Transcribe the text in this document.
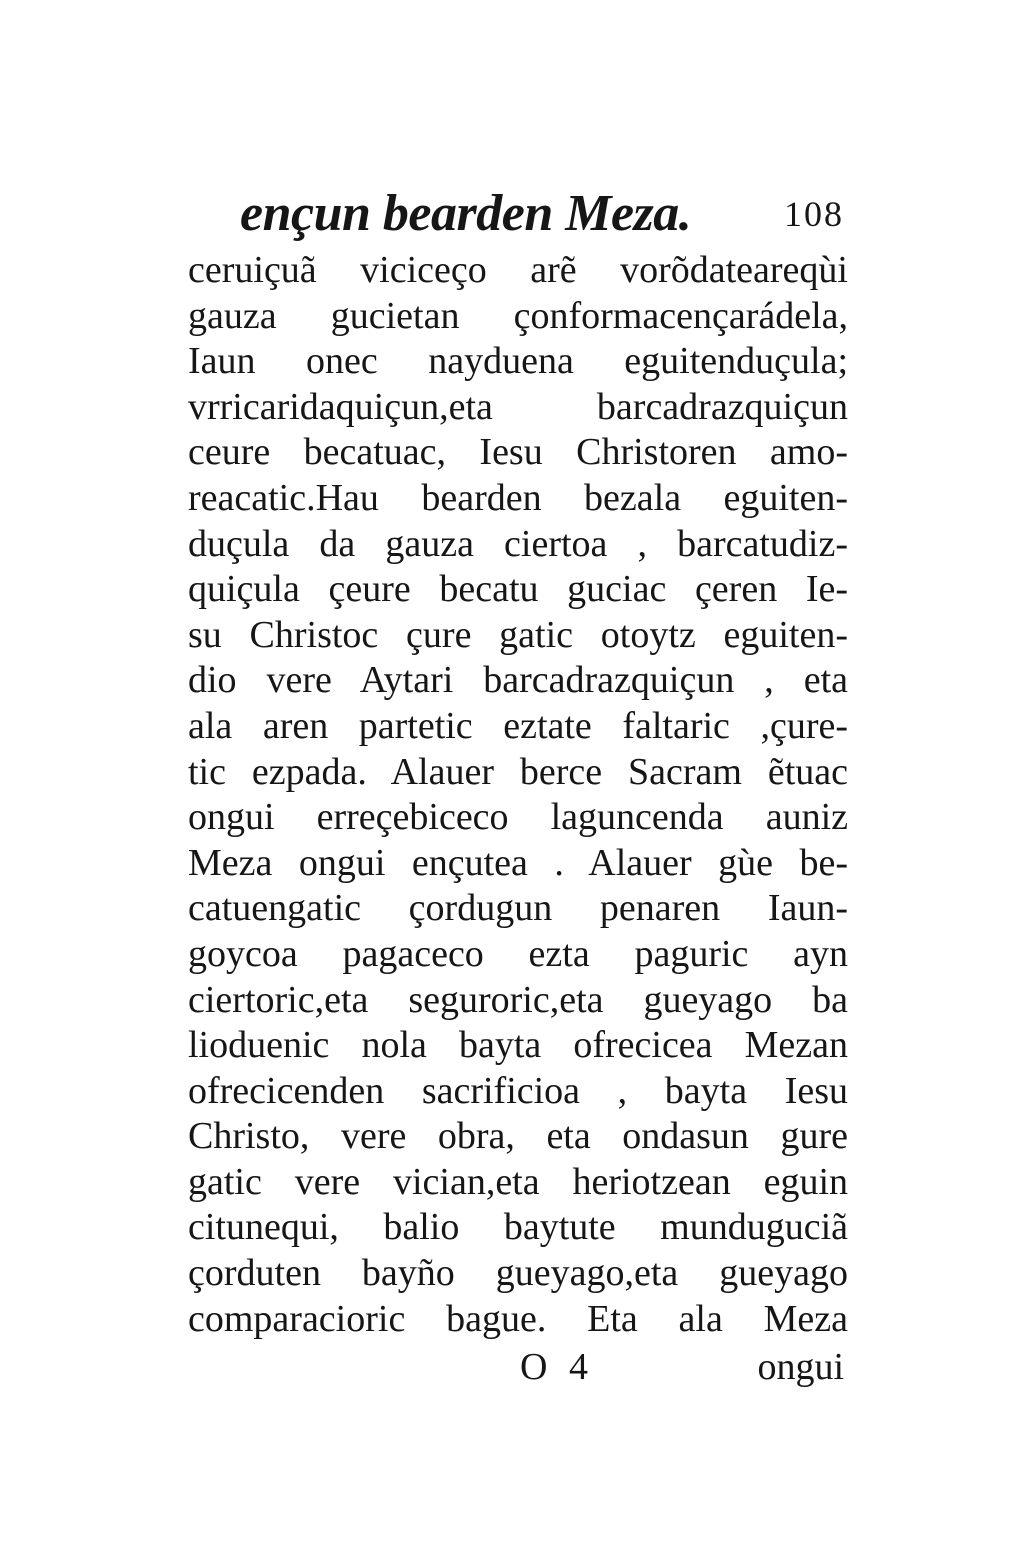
ençun bearden Meza.	108
ceruiçuã viciceço arẽ vorõdateareqùi
gauza gucietan çonformacençarádela,
Iaun onec nayduena eguitenduçula;
vrricaridaquiçun,eta barcadrazquiçun
ceure becatuac, Iesu Christoren amo-
reacatic.Hau bearden bezala eguiten-
duçula da gauza ciertoa , barcatudiz-
quiçula çeure becatu guciac çeren Ie-
su Christoc çure gatic otoytz eguiten-
dio vere Aytari barcadrazquiçun , eta
ala aren partetic eztate faltaric ,çure-
tic ezpada. Alauer berce Sacram ẽtuac
ongui erreçebiceco laguncenda auniz
Meza ongui ençutea . Alauer gùe be-
catuengatic çordugun penaren Iaun-
goycoa pagaceco ezta paguric ayn
ciertoric,eta seguroric,eta gueyago ba
lioduenic nola bayta ofrecicea Mezan
ofrecicenden sacrificioa , bayta Iesu
Christo, vere obra, eta ondasun gure
gatic vere vician,eta heriotzean eguin
citunequi, balio baytute munduguciã
çorduten bayño gueyago,eta gueyago
comparacioric bague. Eta ala Meza
O 4	ongui
